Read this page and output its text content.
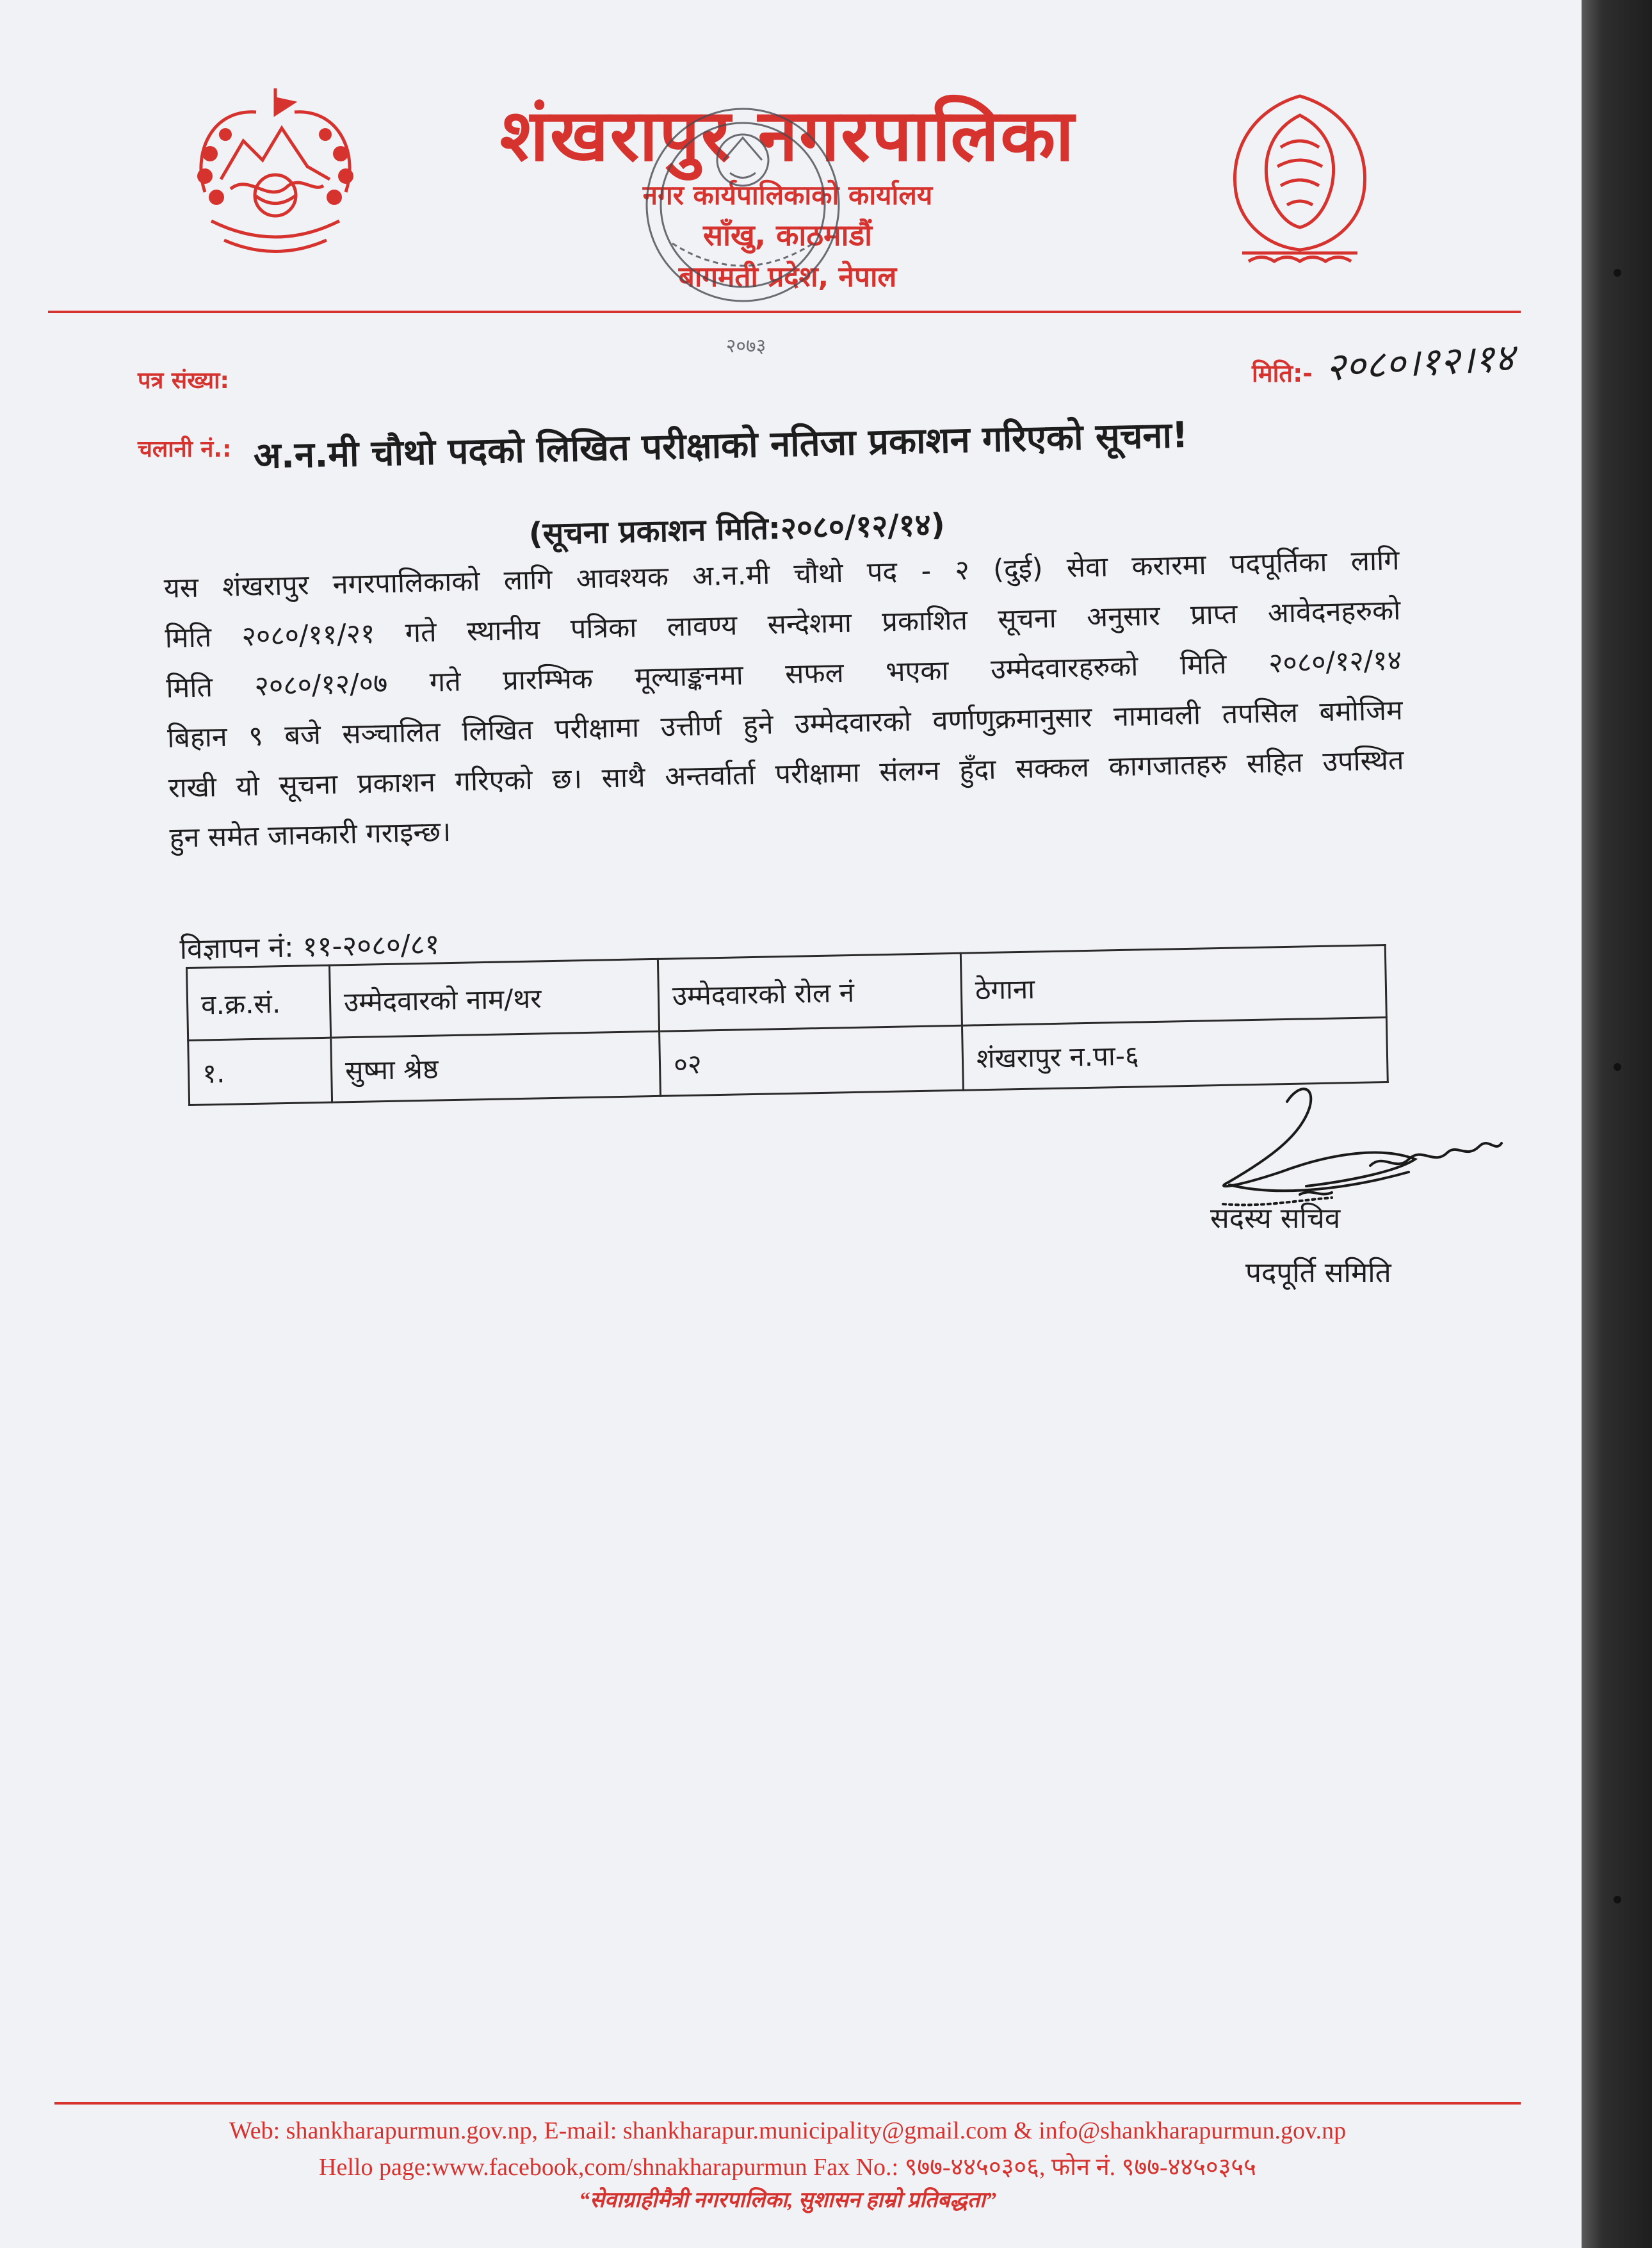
शंखरापुर नगरपालिका
नगर कार्यपालिकाको कार्यालय
साँखु, काठमाडौं
बागमती प्रदेश, नेपाल
२०७३
पत्र संख्या:	मिति:- २०८०।१२।१४
चलानी नं.: अ.न.मी चौथो पदको लिखित परीक्षाको नतिजा प्रकाशन गरिएको सूचना!
(सूचना प्रकाशन मिति:२०८०/१२/१४)
यस शंखरापुर नगरपालिकाको लागि आवश्यक अ.न.मी चौथो पद - २ (दुई) सेवा करारमा पदपूर्तिका लागि
मिति २०८०/११/२१ गते स्थानीय पत्रिका लावण्य सन्देशमा प्रकाशित सूचना अनुसार प्राप्त आवेदनहरुको
मिति २०८०/१२/०७ गते प्रारम्भिक मूल्याङ्कनमा सफल भएका उम्मेदवारहरुको मिति २०८०/१२/१४
बिहान ९ बजे सञ्चालित लिखित परीक्षामा उत्तीर्ण हुने उम्मेदवारको वर्णाणुक्रमानुसार नामावली तपसिल बमोजिम
राखी यो सूचना प्रकाशन गरिएको छ। साथै अन्तर्वार्ता परीक्षामा संलग्न हुँदा सक्कल कागजातहरु सहित उपस्थित
हुन समेत जानकारी गराइन्छ।
विज्ञापन नं: ११-२०८०/८१
व.क्र.सं.	उम्मेदवारको नाम/थर	उम्मेदवारको रोल नं	ठेगाना
१.	सुष्मा श्रेष्ठ	०२	शंखरापुर न.पा-६
सदस्य सचिव
पदपूर्ति समिति
Web: shankharapurmun.gov.np, E-mail: shankharapur.municipality@gmail.com & info@shankharapurmun.gov.np
Hello page:www.facebook,com/shnakharapurmun Fax No.: ९७७-४४५०३०६, फोन नं. ९७७-४४५०३५५
“सेवाग्राहीमैत्री नगरपालिका, सुशासन हाम्रो प्रतिबद्धता”
